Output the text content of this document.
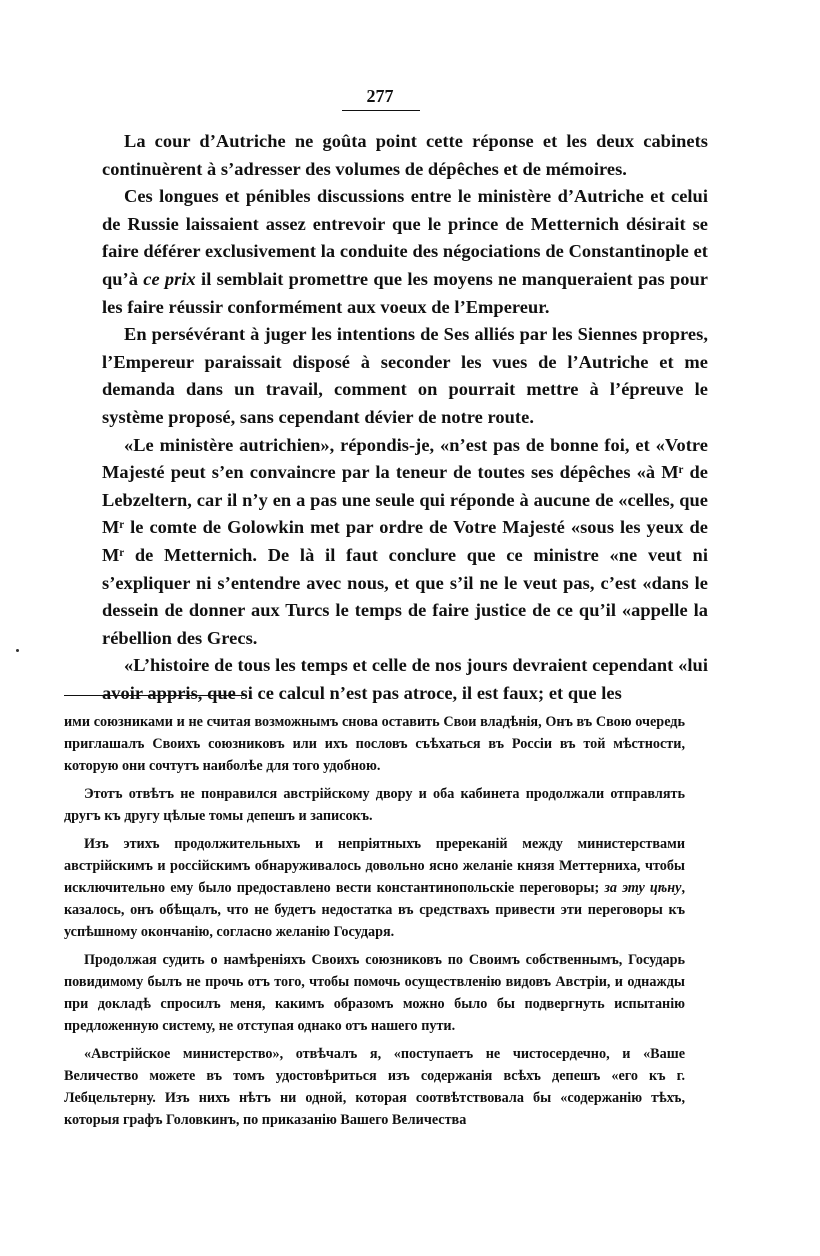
277

La cour d’Autriche ne goûta point cette réponse et les deux cabinets continuèrent à s’adresser des volumes de dépêches et de mémoires.

Ces longues et pénibles discussions entre le ministère d’Autriche et celui de Russie laissaient assez entrevoir que le prince de Metternich désirait se faire déférer exclusivement la conduite des négociations de Constantinople et qu’à ce prix il semblait promettre que les moyens ne manqueraient pas pour les faire réussir conformément aux voeux de l’Empereur.

En persévérant à juger les intentions de Ses alliés par les Siennes propres, l’Empereur paraissait disposé à seconder les vues de l’Autriche et me demanda dans un travail, comment on pourrait mettre à l’épreuve le système proposé, sans cependant dévier de notre route.

«Le ministère autrichien», répondis-je, «n’est pas de bonne foi, et «Votre Majesté peut s’en convaincre par la teneur de toutes ses dépêches «à Mʳ de Lebzeltern, car il n’y en a pas une seule qui réponde à aucune de «celles, que Mʳ le comte de Golowkin met par ordre de Votre Majesté «sous les yeux de Mʳ de Metternich. De là il faut conclure que ce ministre «ne veut ni s’expliquer ni s’entendre avec nous, et que s’il ne le veut pas, c’est «dans le dessein de donner aux Turcs le temps de faire justice de ce qu’il «appelle la rébellion des Grecs.

«L’histoire de tous les temps et celle de nos jours devraient cependant «lui avoir appris, que si ce calcul n’est pas atroce, il est faux; et que les

ими союзниками и не считая возможнымъ снова оставить Свои владѣнія, Онъ въ Свою очередь приглашалъ Своихъ союзниковъ или ихъ пословъ съѣхаться въ Россіи въ той мѣстности, которую они сочтутъ наиболѣе для того удобною.

Этотъ отвѣтъ не понравился австрійскому двору и оба кабинета продолжали отправлять другъ къ другу цѣлые томы депешъ и записокъ.

Изъ этихъ продолжительныхъ и непріятныхъ пререканій между министерствами австрійскимъ и россійскимъ обнаруживалось довольно ясно желаніе князя Меттерниха, чтобы исключительно ему было предоставлено вести константинопольскіе переговоры; за эту цѣну, казалось, онъ обѣщалъ, что не будетъ недостатка въ средствахъ привести эти переговоры къ успѣшному окончанію, согласно желанію Государя.

Продолжая судить о намѣреніяхъ Своихъ союзниковъ по Своимъ собственнымъ, Государь повидимому былъ не прочь отъ того, чтобы помочь осуществленію видовъ Австріи, и однажды при докладѣ спросилъ меня, какимъ образомъ можно было бы подвергнуть испытанію предложенную систему, не отступая однако отъ нашего пути.

«Австрійское министерство», отвѣчалъ я, «поступаетъ не чистосердечно, и «Ваше Величество можете въ томъ удостовѣриться изъ содержанія всѣхъ депешъ «его къ г. Лебцельтерну. Изъ нихъ нѣтъ ни одной, которая соотвѣтствовала бы «содержанію тѣхъ, которыя графъ Головкинъ, по приказанію Вашего Величества
